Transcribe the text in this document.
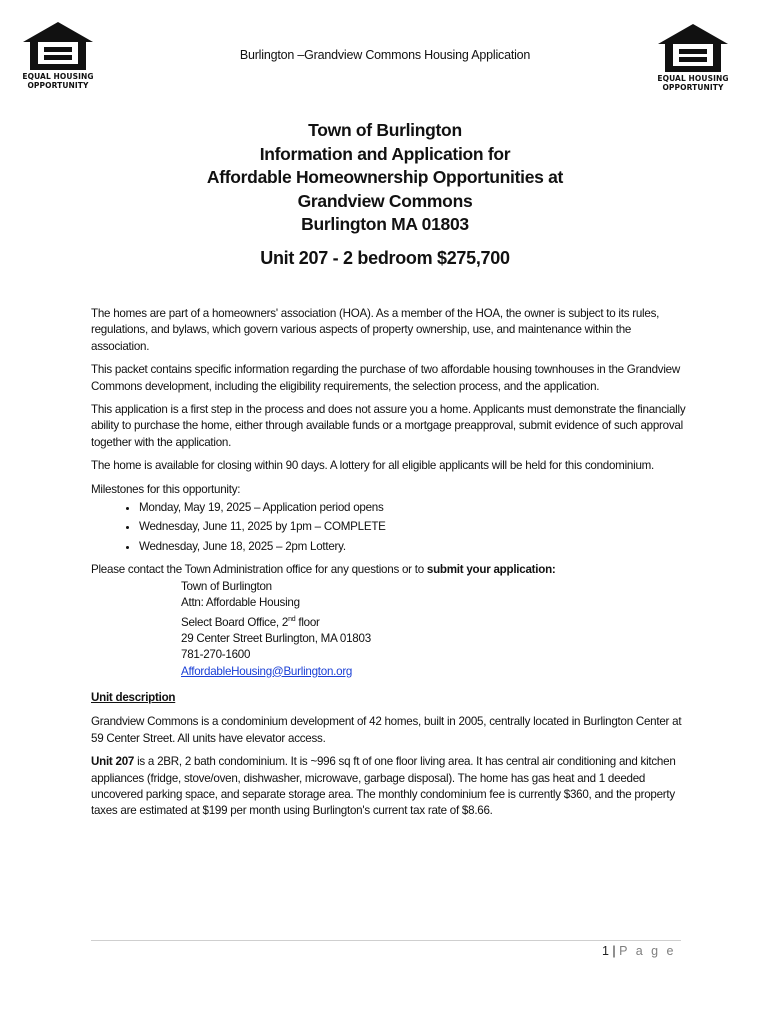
EQUAL HOUSING
OPPORTUNITY
EQUAL HOUSING
OPPORTUNITY
Burlington –Grandview Commons Housing Application
Town of Burlington
Information and Application for
Affordable Homeownership Opportunities at
Grandview Commons
Burlington MA 01803
Unit 207 - 2 bedroom $275,700

The homes are part of a homeowners' association (HOA). As a member of the HOA, the owner is subject to its rules, regulations, and bylaws, which govern various aspects of property ownership, use, and maintenance within the association.

This packet contains specific information regarding the purchase of two affordable housing townhouses in the Grandview Commons development, including the eligibility requirements, the selection process, and the application.

This application is a first step in the process and does not assure you a home. Applicants must demonstrate the financially ability to purchase the home, either through available funds or a mortgage preapproval, submit evidence of such approval together with the application.

The home is available for closing within 90 days. A lottery for all eligible applicants will be held for this condominium.

Milestones for this opportunity:

• Monday, May 19, 2025 – Application period opens
• Wednesday, June 11, 2025 by 1pm – COMPLETE
• Wednesday, June 18, 2025 – 2pm Lottery.

Please contact the Town Administration office for any questions or to submit your application:

Town of Burlington
Attn: Affordable Housing
Select Board Office, 2nd floor
29 Center Street Burlington, MA 01803
781-270-1600
AffordableHousing@Burlington.org
Unit description

Grandview Commons is a condominium development of 42 homes, built in 2005, centrally located in Burlington Center at 59 Center Street. All units have elevator access.

Unit 207 is a 2BR, 2 bath condominium. It is ~996 sq ft of one floor living area. It has central air conditioning and kitchen appliances (fridge, stove/oven, dishwasher, microwave, garbage disposal). The home has gas heat and 1 deeded uncovered parking space, and separate storage area. The monthly condominium fee is currently $360, and the property taxes are estimated at $199 per month using Burlington's current tax rate of $8.66.

1 | P a g e
